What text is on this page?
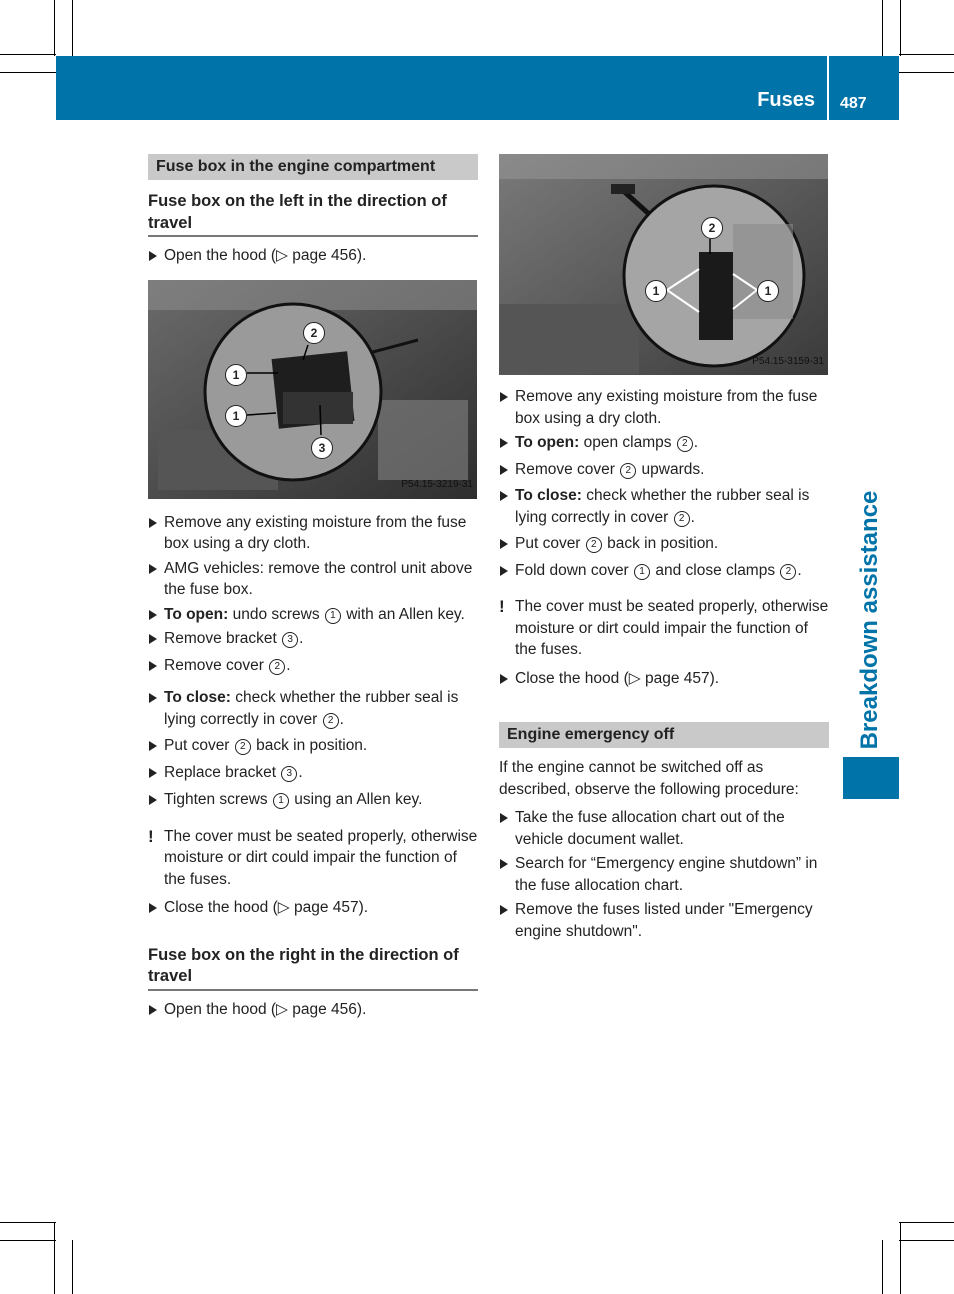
Fuses 487
Breakdown assistance
Fuse box in the engine compartment
Fuse box on the left in the direction of travel
Open the hood (▷ page 456).
1
1
2
3
P54.15-3219-31
Remove any existing moisture from the fuse box using a dry cloth.
AMG vehicles: remove the control unit above the fuse box.
To open: undo screws 1 with an Allen key.
Remove bracket 3 .
Remove cover 2 .
To close: check whether the rubber seal is lying correctly in cover 2 .
Put cover 2 back in position.
Replace bracket 3 .
Tighten screws 1 using an Allen key.
! The cover must be seated properly, otherwise moisture or dirt could impair the function of the fuses.
Close the hood (▷ page 457).
Fuse box on the right in the direction of travel
Open the hood (▷ page 456).
2
1	1
P54.15-3159-31
Remove any existing moisture from the fuse box using a dry cloth.
To open: open clamps 2 .
Remove cover 2 upwards.
To close: check whether the rubber seal is lying correctly in cover 2 .
Put cover 2 back in position.
Fold down cover 1 and close clamps 2 .
! The cover must be seated properly, otherwise moisture or dirt could impair the function of the fuses.
Close the hood (▷ page 457).
Engine emergency off
If the engine cannot be switched off as described, observe the following procedure:
Take the fuse allocation chart out of the vehicle document wallet.
Search for “Emergency engine shutdown” in the fuse allocation chart.
Remove the fuses listed under "Emergency engine shutdown".
